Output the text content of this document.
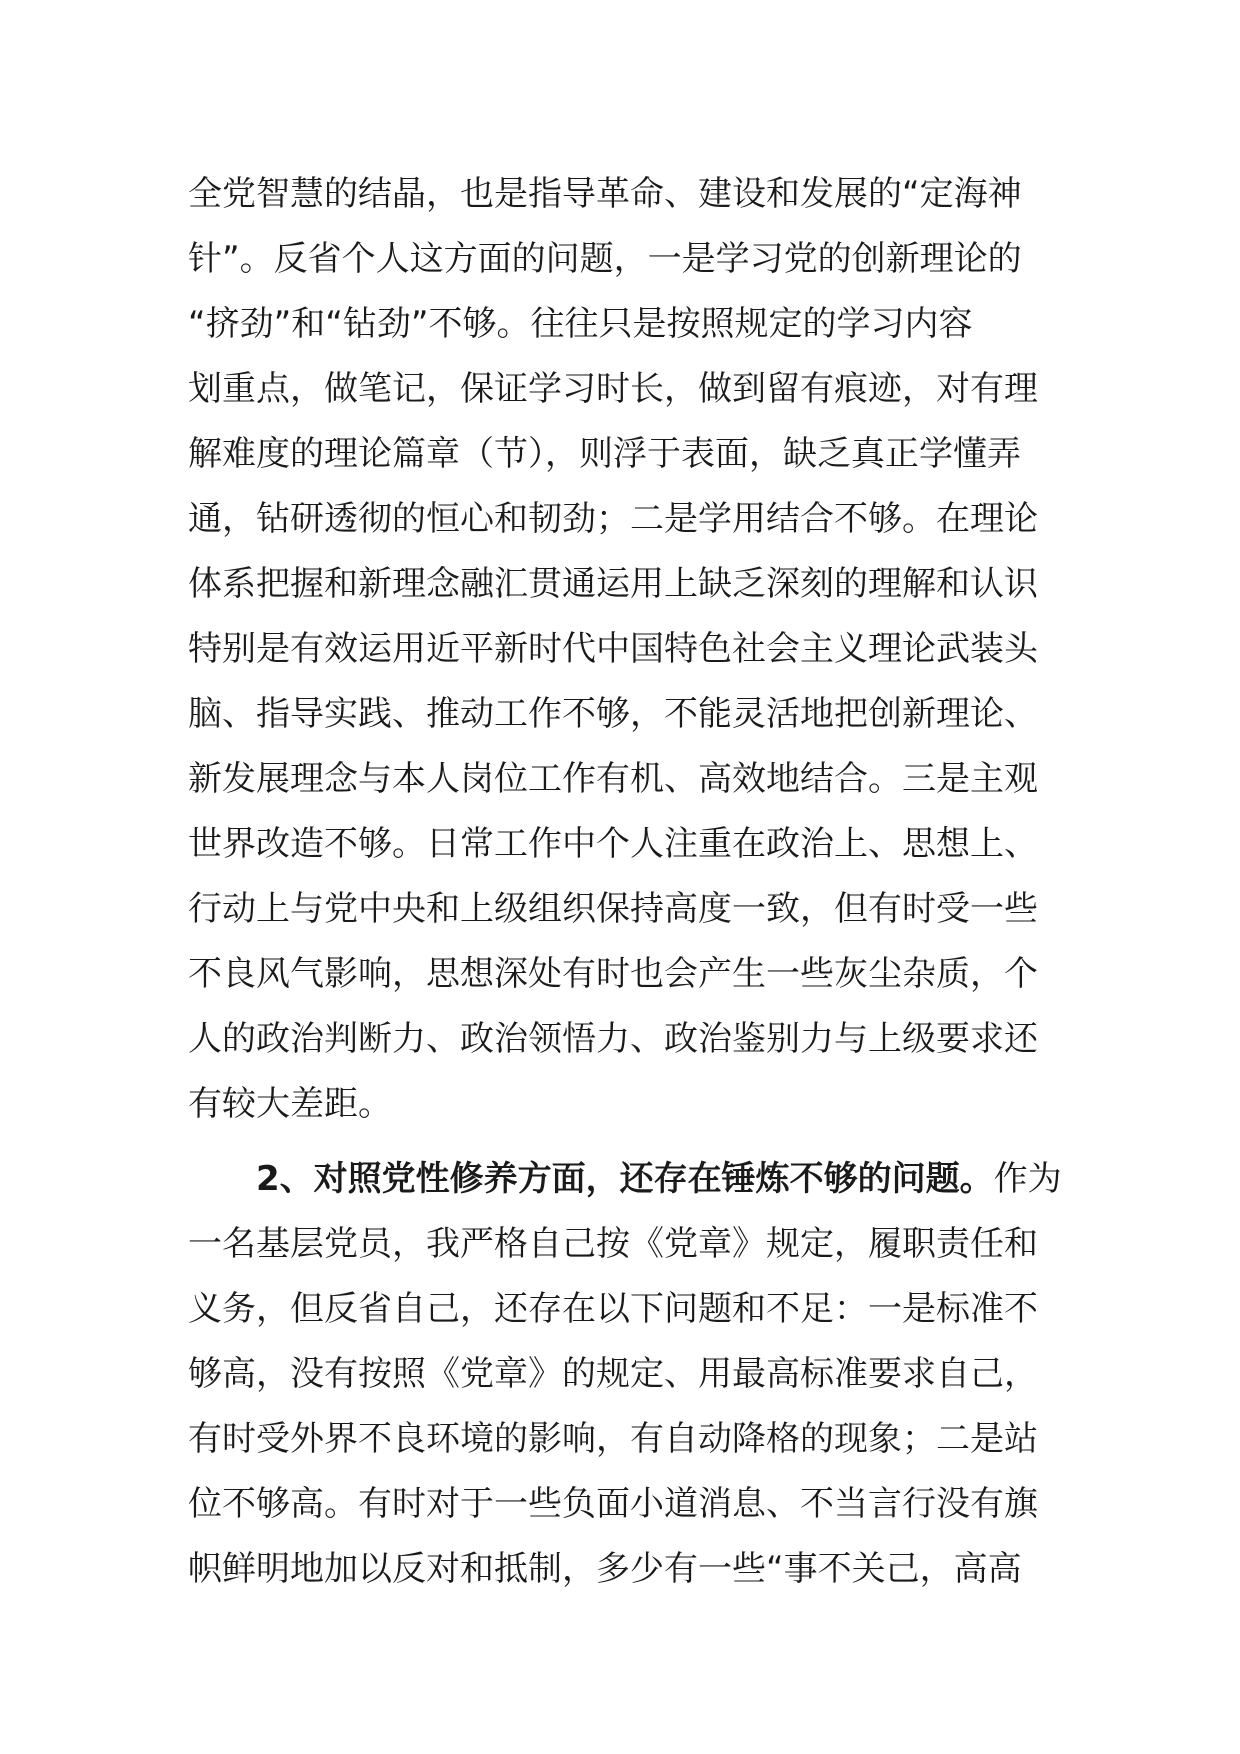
全党智慧的结晶，也是指导革命、建设和发展的“定海神
针”。反省个人这方面的问题，一是学习党的创新理论的
“挤劲”和“钻劲”不够。往往只是按照规定的学习内容
划重点，做笔记，保证学习时长，做到留有痕迹，对有理
解难度的理论篇章（节），则浮于表面，缺乏真正学懂弄
通，钻研透彻的恒心和韧劲；二是学用结合不够。在理论
体系把握和新理念融汇贯通运用上缺乏深刻的理解和认识
特别是有效运用近平新时代中国特色社会主义理论武装头
脑、指导实践、推动工作不够，不能灵活地把创新理论、
新发展理念与本人岗位工作有机、高效地结合。三是主观
世界改造不够。日常工作中个人注重在政治上、思想上、
行动上与党中央和上级组织保持高度一致，但有时受一些
不良风气影响，思想深处有时也会产生一些灰尘杂质，个
人的政治判断力、政治领悟力、政治鉴别力与上级要求还
有较大差距。
2、对照党性修养方面，还存在锤炼不够的问题。作为
一名基层党员，我严格自己按《党章》规定，履职责任和
义务，但反省自己，还存在以下问题和不足：一是标准不
够高，没有按照《党章》的规定、用最高标准要求自己，
有时受外界不良环境的影响，有自动降格的现象；二是站
位不够高。有时对于一些负面小道消息、不当言行没有旗
帜鲜明地加以反对和抵制，多少有一些“事不关己，高高
